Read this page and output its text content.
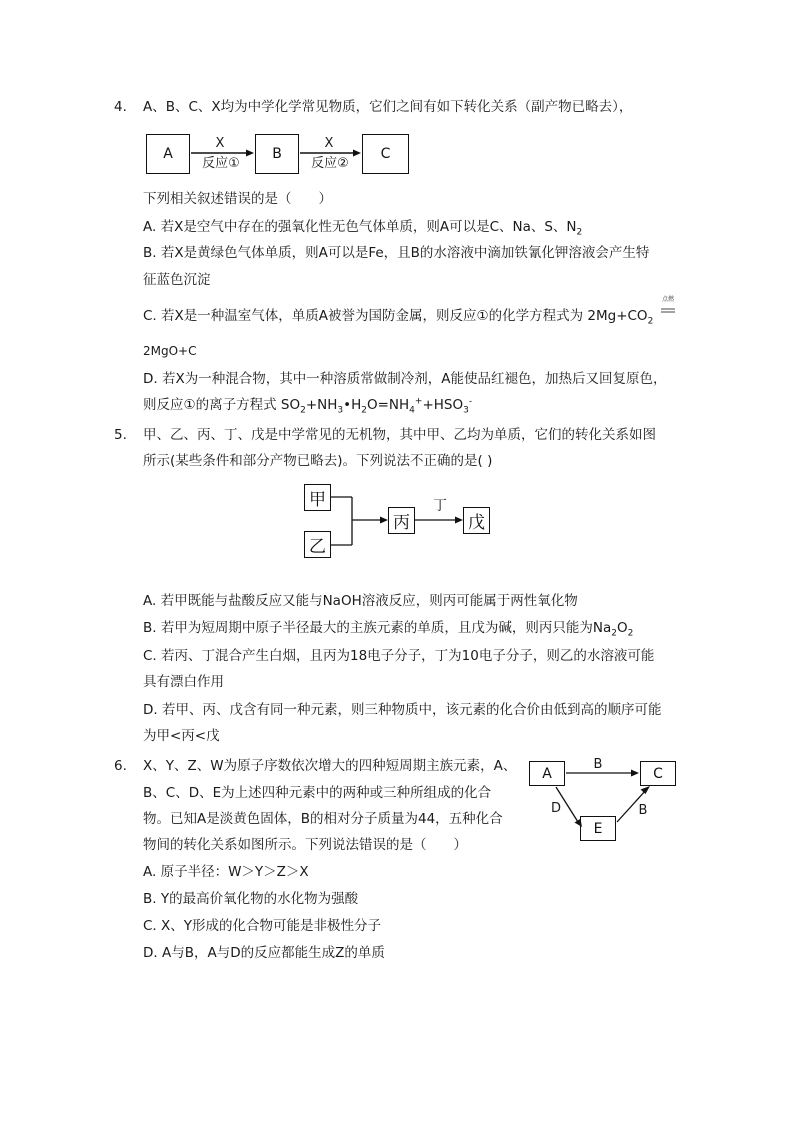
4. A、B、C、X均为中学化学常见物质，它们之间有如下转化关系（副产物已略去），
A	B	C
X
反应①
X
反应②
下列相关叙述错误的是（　　）
A. 若X是空气中存在的强氧化性无色气体单质，则A可以是C、Na、S、$N_2$
B. 若X是黄绿色气体单质，则A可以是Fe，且B的水溶液中滴加铁氰化钾溶液会产生特
征蓝色沉淀
C. 若X是一种温室气体，单质A被誉为国防金属，则反应①的化学方程式为 $2Mg+CO_2$
点燃
2MgO+C
D. 若X为一种混合物，其中一种溶质常做制冷剂，A能使品红褪色，加热后又回复原色，
则反应①的离子方程式 $SO_2+NH_3•H_2O=NH_4^++HSO_3^-$
5. 甲、乙、丙、丁、戊是中学常见的无机物，其中甲、乙均为单质，它们的转化关系如图
所示(某些条件和部分产物已略去)。下列说法不正确的是( )
甲
乙
丙	戊
丁
A. 若甲既能与盐酸反应又能与NaOH溶液反应，则丙可能属于两性氧化物
B. 若甲为短周期中原子半径最大的主族元素的单质，且戊为碱，则丙只能为$Na_2O_2$
C. 若丙、丁混合产生白烟，且丙为18电子分子，丁为10电子分子，则乙的水溶液可能
具有漂白作用
D. 若甲、丙、戊含有同一种元素，则三种物质中，该元素的化合价由低到高的顺序可能
为甲<丙<戊
6. X、Y、Z、W为原子序数依次增大的四种短周期主族元素，A、
B、C、D、E为上述四种元素中的两种或三种所组成的化合
物。已知A是淡黄色固体，B的相对分子质量为44，五种化合
物间的转化关系如图所示。下列说法错误的是（　　）
A	C
E
B
D	B
A. 原子半径：W＞Y＞Z＞X
B. Y的最高价氧化物的水化物为强酸
C. X、Y形成的化合物可能是非极性分子
D. A与B，A与D的反应都能生成Z的单质
